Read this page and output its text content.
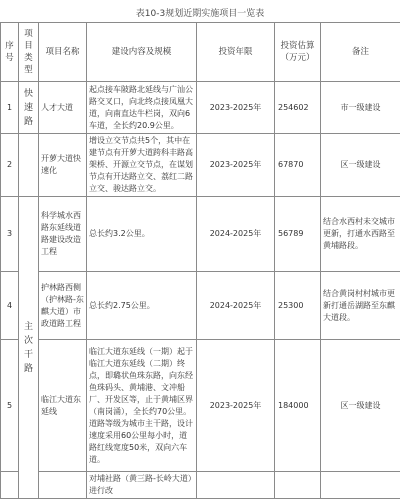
表10-3规划近期实施项目一览表
序号	项目类型	项目名称	建设内容及规模	投资年限	投资估算（万元）	备注
1	快速路	人才大道	起点接车陂路北延线与广汕公路交叉口，向北终点接凤凰大道，向南直达牛栏岗，双向6车道，全长约20.9公里。	2023-2025年	254602	市一级建设
2		开萝大道快速化	增设立交节点共5个，其中在建节点有开萝大道跨科丰路高架桥、开源立交节点，在谋划节点有开达路立交、荔红二路立交、骏达路立交。	2023-2025年	67870	区一级建设
3	主次干路	科学城水西路东延线道路建设改造工程	总长约3.2公里。	2024-2025年	56789	结合水西村未交城市更新，打通水西路至黄埔路段。
4		护林路西侧（护林路-东麒大道）市政道路工程	总长约2.75公里。	2024-2025年	25300	结合黄岗村村城市更新打通岳湖路至东麒大道段。
5		临江大道东延线	临江大道东延线（一期）起于临江大道东延线（二期）终点，即璐状鱼珠东路，向东经鱼珠码头、黄埔港、文冲船厂、开发区等，止于黄埔区界（南岗涌），全长约70公里。道路等级为城市主干路，设计速度采用60公里每小时，道路红线宽度50米，双向六车道。	2023-2025年	184000	区一级建设
			对埔社路（黄三路-长岭大道）进行改			
